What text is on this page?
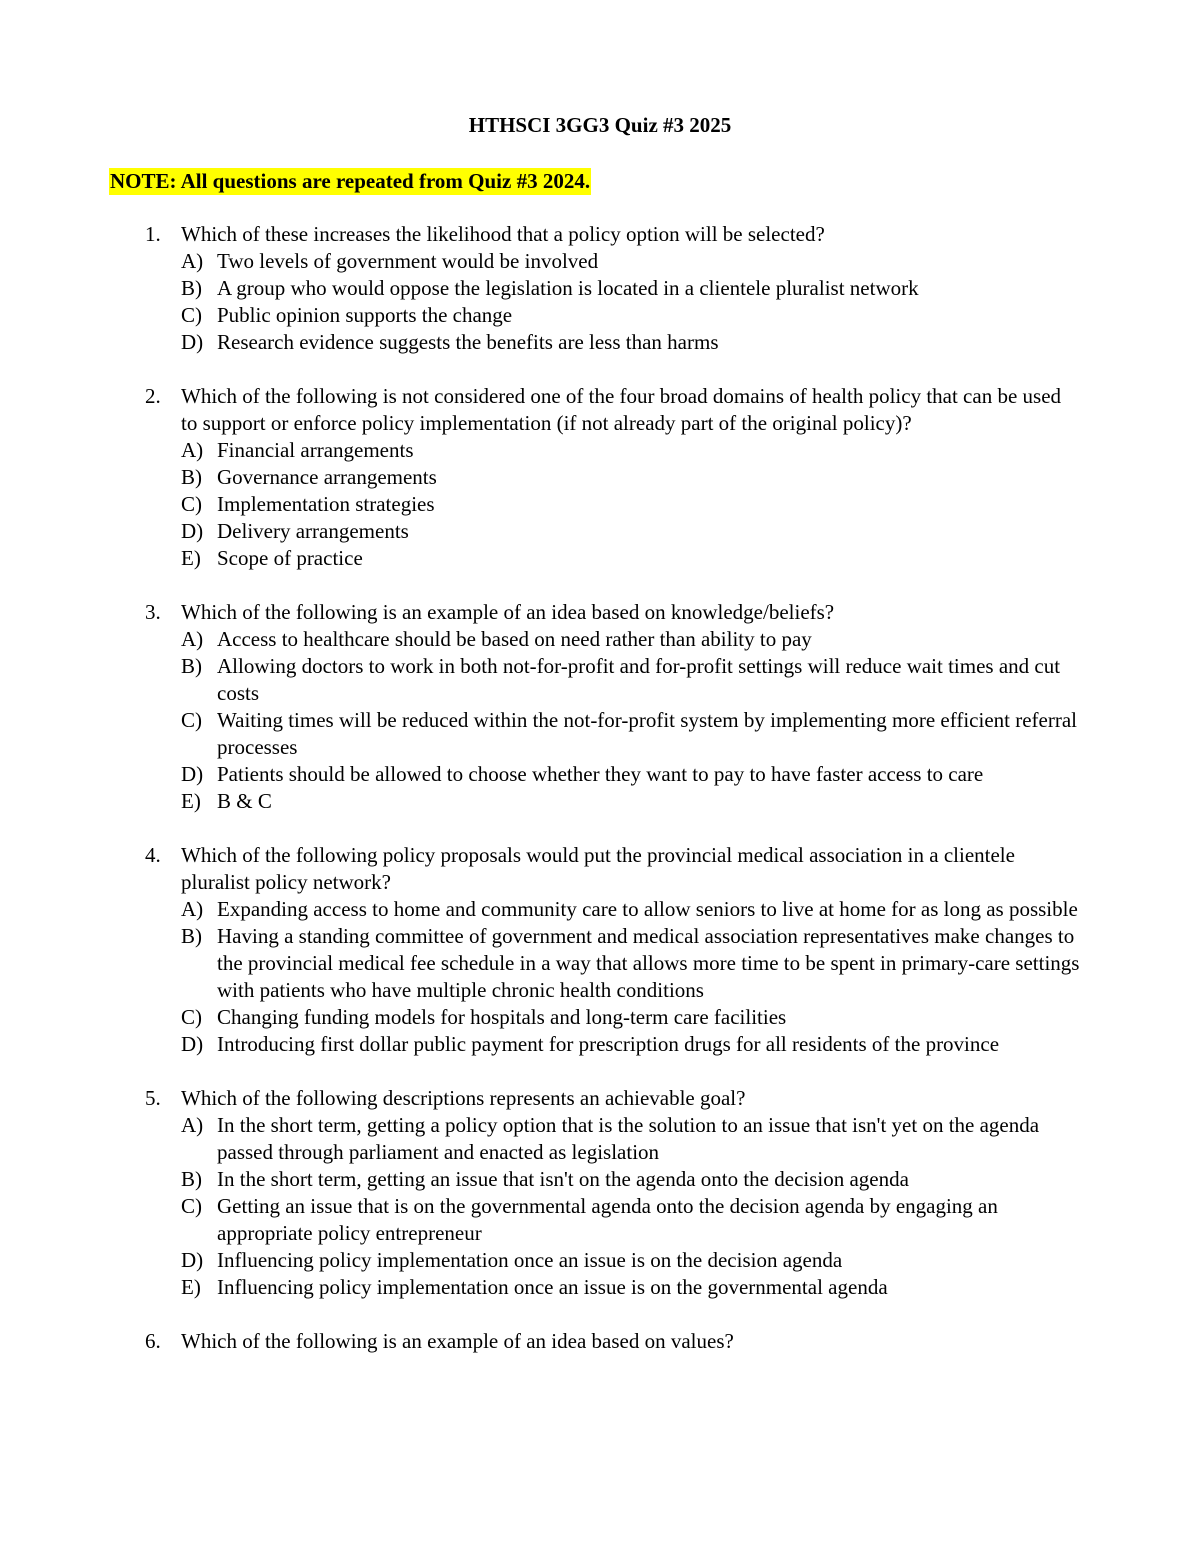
HTHSCI 3GG3 Quiz #3 2025
NOTE: All questions are repeated from Quiz #3 2024.
1. Which of these increases the likelihood that a policy option will be selected?
A) Two levels of government would be involved
B) A group who would oppose the legislation is located in a clientele pluralist network
C) Public opinion supports the change
D) Research evidence suggests the benefits are less than harms
2. Which of the following is not considered one of the four broad domains of health policy that can be used to support or enforce policy implementation (if not already part of the original policy)?
A) Financial arrangements
B) Governance arrangements
C) Implementation strategies
D) Delivery arrangements
E) Scope of practice
3. Which of the following is an example of an idea based on knowledge/beliefs?
A) Access to healthcare should be based on need rather than ability to pay
B) Allowing doctors to work in both not-for-profit and for-profit settings will reduce wait times and cut costs
C) Waiting times will be reduced within the not-for-profit system by implementing more efficient referral processes
D) Patients should be allowed to choose whether they want to pay to have faster access to care
E) B & C
4. Which of the following policy proposals would put the provincial medical association in a clientele pluralist policy network?
A) Expanding access to home and community care to allow seniors to live at home for as long as possible
B) Having a standing committee of government and medical association representatives make changes to the provincial medical fee schedule in a way that allows more time to be spent in primary-care settings with patients who have multiple chronic health conditions
C) Changing funding models for hospitals and long-term care facilities
D) Introducing first dollar public payment for prescription drugs for all residents of the province
5. Which of the following descriptions represents an achievable goal?
A) In the short term, getting a policy option that is the solution to an issue that isn't yet on the agenda passed through parliament and enacted as legislation
B) In the short term, getting an issue that isn't on the agenda onto the decision agenda
C) Getting an issue that is on the governmental agenda onto the decision agenda by engaging an appropriate policy entrepreneur
D) Influencing policy implementation once an issue is on the decision agenda
E) Influencing policy implementation once an issue is on the governmental agenda
6. Which of the following is an example of an idea based on values?
